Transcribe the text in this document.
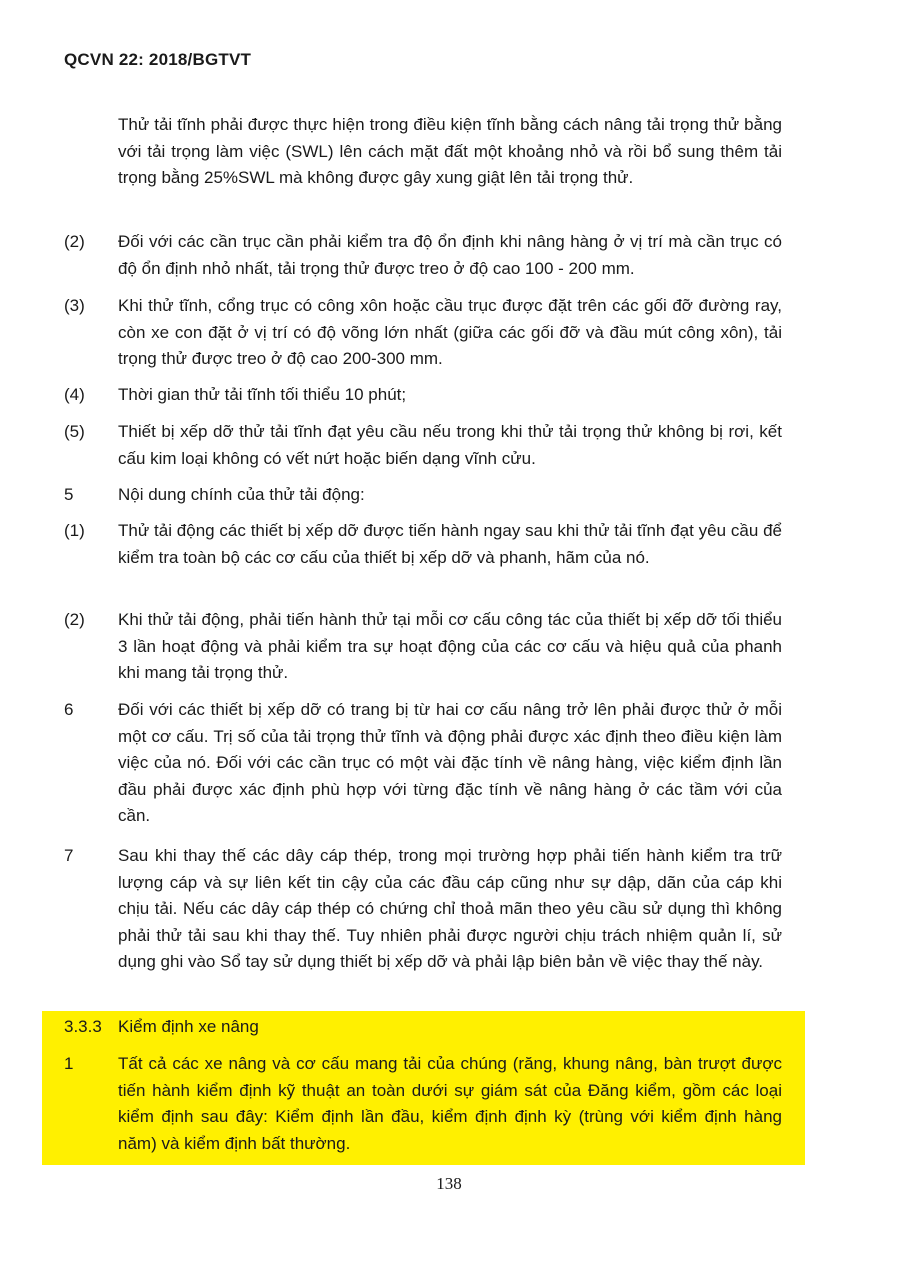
QCVN 22: 2018/BGTVT
Thử tải tĩnh phải được thực hiện trong điều kiện tĩnh bằng cách nâng tải trọng thử bằng với tải trọng làm việc (SWL) lên cách mặt đất một khoảng nhỏ và rồi bổ sung thêm tải trọng bằng 25%SWL mà không được gây xung giật lên tải trọng thử.
(2) Đối với các cần trục cần phải kiểm tra độ ổn định khi nâng hàng ở vị trí mà cần trục có độ ổn định nhỏ nhất, tải trọng thử được treo ở độ cao 100 - 200 mm.
(3) Khi thử tĩnh, cổng trục có công xôn hoặc cầu trục được đặt trên các gối đỡ đường ray, còn xe con đặt ở vị trí có độ võng lớn nhất (giữa các gối đỡ và đầu mút công xôn), tải trọng thử được treo ở độ cao 200-300 mm.
(4) Thời gian thử tải tĩnh tối thiểu 10 phút;
(5) Thiết bị xếp dỡ thử tải tĩnh đạt yêu cầu nếu trong khi thử tải trọng thử không bị rơi, kết cấu kim loại không có vết nứt hoặc biến dạng vĩnh cửu.
5	Nội dung chính của thử tải động:
(1) Thử tải động các thiết bị xếp dỡ được tiến hành ngay sau khi thử tải tĩnh đạt yêu cầu để kiểm tra toàn bộ các cơ cấu của thiết bị xếp dỡ và phanh, hãm của nó.
(2) Khi thử tải động, phải tiến hành thử tại mỗi cơ cấu công tác của thiết bị xếp dỡ tối thiểu 3 lần hoạt động và phải kiểm tra sự hoạt động của các cơ cấu và hiệu quả của phanh khi mang tải trọng thử.
6	Đối với các thiết bị xếp dỡ có trang bị từ hai cơ cấu nâng trở lên phải được thử ở mỗi một cơ cấu. Trị số của tải trọng thử tĩnh và động phải được xác định theo điều kiện làm việc của nó. Đối với các cần trục có một vài đặc tính về nâng hàng, việc kiểm định lần đầu phải được xác định phù hợp với từng đặc tính về nâng hàng ở các tầm với của cần.
7	Sau khi thay thế các dây cáp thép, trong mọi trường hợp phải tiến hành kiểm tra trữ lượng cáp và sự liên kết tin cậy của các đầu cáp cũng như sự dập, dãn của cáp khi chịu tải. Nếu các dây cáp thép có chứng chỉ thoả mãn theo yêu cầu sử dụng thì không phải thử tải sau khi thay thế. Tuy nhiên phải được người chịu trách nhiệm quản lí, sử dụng ghi vào Sổ tay sử dụng thiết bị xếp dỡ và phải lập biên bản về việc thay thế này.
3.3.3 Kiểm định xe nâng
1	Tất cả các xe nâng và cơ cấu mang tải của chúng (răng, khung nâng, bàn trượt được tiến hành kiểm định kỹ thuật an toàn dưới sự giám sát của Đăng kiểm, gồm các loại kiểm định sau đây: Kiểm định lần đầu, kiểm định định kỳ (trùng với kiểm định hàng năm) và kiểm định bất thường.
138
